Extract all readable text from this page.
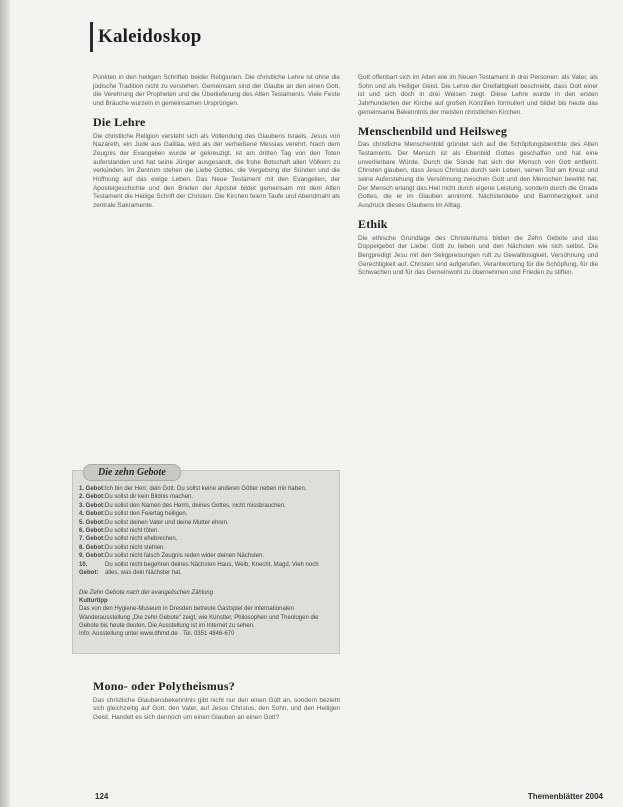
Kaleidoskop

Punkten in den heiligen Schriften beider Religionen. Die christliche Lehre ist ohne die jüdische Tradition nicht zu verstehen. Gemeinsam sind der Glaube an den einen Gott, die Verehrung der Propheten und die Überlieferung des Alten Testaments. Viele Feste und Bräuche wurzeln in gemeinsamen Ursprüngen.

Die Lehre

Die christliche Religion versteht sich als Vollendung des Glaubens Israels. Jesus von Nazareth, ein Jude aus Galiläa, wird als der verheißene Messias verehrt. Nach dem Zeugnis der Evangelien wurde er gekreuzigt, ist am dritten Tag von den Toten auferstanden und hat seine Jünger ausgesandt, die frohe Botschaft allen Völkern zu verkünden. Im Zentrum stehen die Liebe Gottes, die Vergebung der Sünden und die Hoffnung auf das ewige Leben. Das Neue Testament mit den Evangelien, der Apostelgeschichte und den Briefen der Apostel bildet gemeinsam mit dem Alten Testament die Heilige Schrift der Christen. Die Kirchen feiern Taufe und Abendmahl als zentrale Sakramente.

Die zehn Gebote
1. Gebot: Ich bin der Herr, dein Gott. Du sollst keine anderen Götter neben mir haben.
2. Gebot: Du sollst dir kein Bildnis machen.
3. Gebot: Du sollst den Namen des Herrn, deines Gottes, nicht missbrauchen.
4. Gebot: Du sollst den Feiertag heiligen.
5. Gebot: Du sollst deinen Vater und deine Mutter ehren.
6. Gebot: Du sollst nicht töten.
7. Gebot: Du sollst nicht ehebrechen.
8. Gebot: Du sollst nicht stehlen.
9. Gebot: Du sollst nicht falsch Zeugnis reden wider deinen Nächsten.
10. Gebot:
Du sollst nicht begehren deines Nächsten Haus, Weib, Knecht, Magd, Vieh noch alles, was dein Nächster hat.
Die Zehn Gebote nach der evangelischen Zählung
Kulturtipp
Das von den Hygiene-Museum in Dresden betreute Gastspiel der internationalen Wanderausstellung „Die zehn Gebote“ zeigt, wie Künstler, Philosophen und Theologen die Gebote bis heute deuten. Die Ausstellung ist im Internet zu sehen.
Info: Ausstellung unter www.dhmd.de · Tel. 0351 4846-670
Mono- oder Polytheismus?

Das christliche Glaubensbekenntnis gibt nicht nur den einen Gott an, sondern bezieht sich gleichzeitig auf Gott, den Vater, auf Jesus Christus, den Sohn, und den Heiligen Geist. Handelt es sich dennoch um einen Glauben an einen Gott?

Gott offenbart sich im Alten wie im Neuen Testament in drei Personen: als Vater, als Sohn und als Heiliger Geist. Die Lehre der Dreifaltigkeit beschreibt, dass Gott einer ist und sich doch in drei Weisen zeigt. Diese Lehre wurde in den ersten Jahrhunderten der Kirche auf großen Konzilien formuliert und bildet bis heute das gemeinsame Bekenntnis der meisten christlichen Kirchen.

Menschenbild und Heilsweg

Das christliche Menschenbild gründet sich auf die Schöpfungsberichte des Alten Testaments. Der Mensch ist als Ebenbild Gottes geschaffen und hat eine unverlierbare Würde. Durch die Sünde hat sich der Mensch von Gott entfernt. Christen glauben, dass Jesus Christus durch sein Leben, seinen Tod am Kreuz und seine Auferstehung die Versöhnung zwischen Gott und den Menschen bewirkt hat. Der Mensch erlangt das Heil nicht durch eigene Leistung, sondern durch die Gnade Gottes, die er im Glauben annimmt. Nächstenliebe und Barmherzigkeit sind Ausdruck dieses Glaubens im Alltag.

Ethik

Die ethische Grundlage des Christentums bilden die Zehn Gebote und das Doppelgebot der Liebe: Gott zu lieben und den Nächsten wie sich selbst. Die Bergpredigt Jesu mit den Seligpreisungen ruft zu Gewaltlosigkeit, Versöhnung und Gerechtigkeit auf. Christen sind aufgerufen, Verantwortung für die Schöpfung, für die Schwachen und für das Gemeinwohl zu übernehmen und Frieden zu stiften.

124	Themenblätter 2004
